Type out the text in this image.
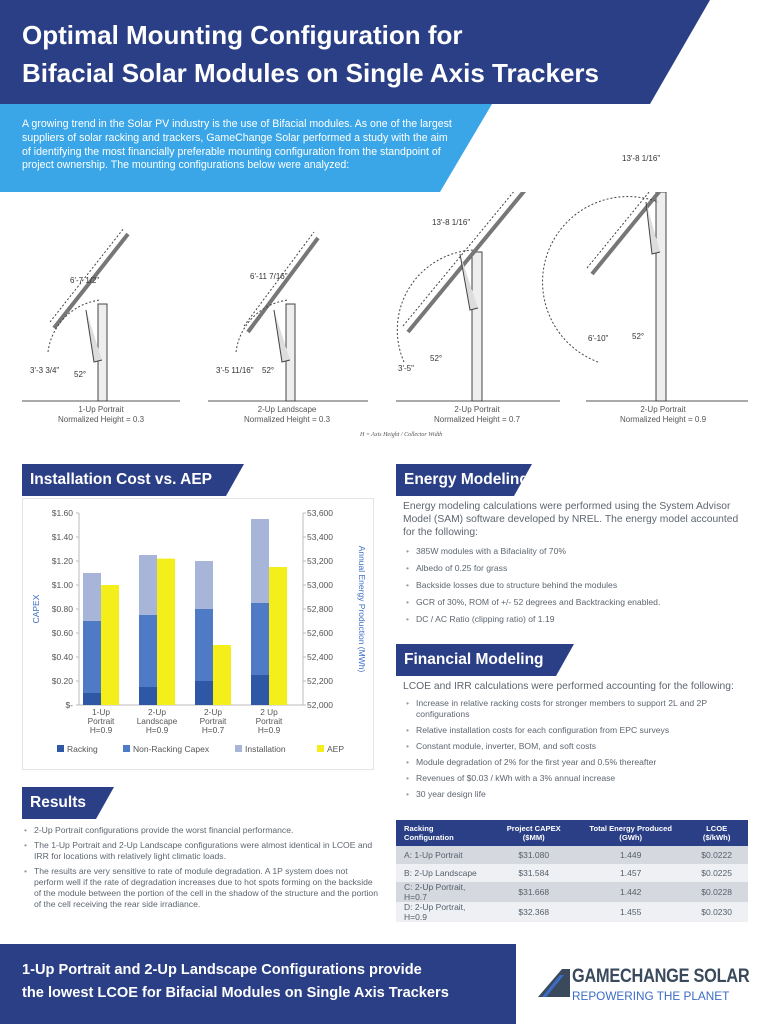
Optimal Mounting Configuration for
Bifacial Solar Modules on Single Axis Trackers
A growing trend in the Solar PV industry is the use of Bifacial modules. As one of the largest suppliers of solar racking and trackers, GameChange Solar performed a study with the aim of identifying the most financially preferable mounting configuration from the standpoint of project ownership. The mounting configurations below were analyzed:
6'-7 1/2"
3'-3 3/4" 52°
6'-11 7/16"
3'-5 11/16" 52°
13'-8 1/16"
3'-5"
52°
13'-8 1/16"
6'-10"	52°
1-Up Portrait
Normalized Height = 0.3
2-Up Landscape
Normalized Height = 0.3
2-Up Portrait
Normalized Height = 0.7
2-Up Portrait
Normalized Height = 0.9
H = Axis Height / Collector Width
Installation Cost vs. AEP
$-
$0.20
$0.40
$0.60
$0.80
$1.00
$1.20
$1.40
$1.60
52,000
52,200
52,400
52,600
52,800
53,000
53,200
53,400
53,600
CAPEX	Annual Energy Production (MWh)
1-Up
Portrait
H=0.9
2-Up
Landscape
H=0.9
2-Up
Portrait
H=0.7
2 Up
Portrait
H=0.9
Racking	Non-Racking Capex	Installation	AEP
Results
• 2-Up Portrait configurations provide the worst financial performance.
• The 1-Up Portrait and 2-Up Landscape configurations were almost identical in LCOE and IRR for locations with relatively light climatic loads.
• The results are very sensitive to rate of module degradation. A 1P system does not perform well if the rate of degradation increases due to hot spots forming on the backside of the module between the portion of the cell in the shadow of the structure and the portion of the cell receiving the rear side irradiance.
Energy Modeling
Energy modeling calculations were performed using the System Advisor Model (SAM) software developed by NREL. The energy model accounted for the following:
• 385W modules with a Bifaciality of 70%
• Albedo of 0.25 for grass
• Backside losses due to structure behind the modules
• GCR of 30%, ROM of +/- 52 degrees and Backtracking enabled.
• DC / AC Ratio (clipping ratio) of 1.19
Financial Modeling
LCOE and IRR calculations were performed accounting for the following:
• Increase in relative racking costs for stronger members to support 2L and 2P configurations
• Relative installation costs for each configuration from EPC surveys
• Constant module, inverter, BOM, and soft costs
• Module degradation of 2% for the first year and 0.5% thereafter
• Revenues of $0.03 / kWh with a 3% annual increase
• 30 year design life
Racking Configuration	Project CAPEX ($MM)	Total Energy Produced (GWh)	LCOE ($/kWh)
A: 1-Up Portrait	$31.080	1.449	$0.0222
B: 2-Up Landscape	$31.584	1.457	$0.0225
C: 2-Up Portrait, H=0.7	$31.668	1.442	$0.0228
D: 2-Up Portrait, H=0.9	$32.368	1.455	$0.0230
1-Up Portrait and 2-Up Landscape Configurations provide
the lowest LCOE for Bifacial Modules on Single Axis Trackers
GAMECHANGE SOLAR
REPOWERING THE PLANET
